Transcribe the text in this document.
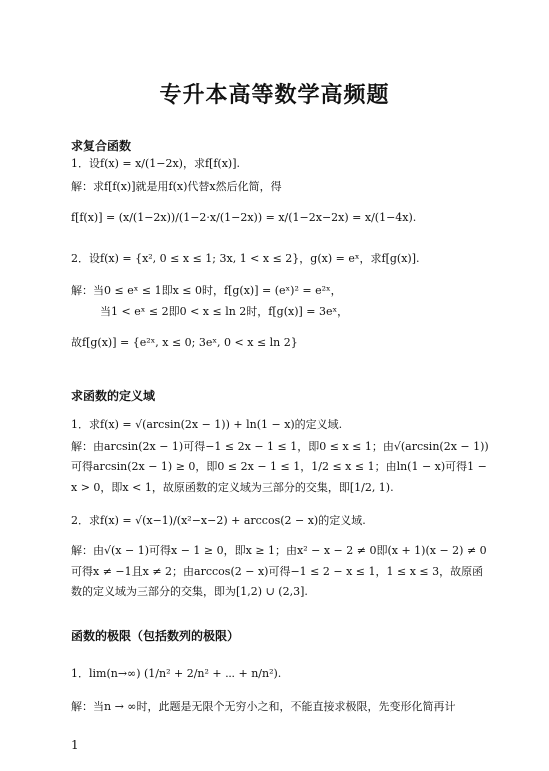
专升本高等数学高频题
求复合函数
1．设f(x) = x/(1−2x)，求f[f(x)].
解：求f[f(x)]就是用f(x)代替x然后化简，得
f[f(x)] = (x/(1−2x))/(1−2·x/(1−2x)) = x/(1−2x−2x) = x/(1−4x).
2．设f(x) = {x², 0 ≤ x ≤ 1; 3x, 1 < x ≤ 2}，g(x) = eˣ，求f[g(x)].
解：当0 ≤ eˣ ≤ 1即x ≤ 0时，f[g(x)] = (eˣ)² = e²ˣ，
当1 < eˣ ≤ 2即0 < x ≤ ln 2时，f[g(x)] = 3eˣ，
故f[g(x)] = {e²ˣ, x ≤ 0; 3eˣ, 0 < x ≤ ln 2}
求函数的定义域
1．求f(x) = √(arcsin(2x − 1)) + ln(1 − x)的定义域.
解：由arcsin(2x − 1)可得−1 ≤ 2x − 1 ≤ 1，即0 ≤ x ≤ 1；由√(arcsin(2x − 1))
可得arcsin(2x − 1) ≥ 0，即0 ≤ 2x − 1 ≤ 1，1/2 ≤ x ≤ 1；由ln(1 − x)可得1 −
x > 0，即x < 1，故原函数的定义域为三部分的交集，即[1/2, 1).
2．求f(x) = √(x−1)/(x²−x−2) + arccos(2 − x)的定义域.
解：由√(x − 1)可得x − 1 ≥ 0，即x ≥ 1；由x² − x − 2 ≠ 0即(x + 1)(x − 2) ≠ 0
可得x ≠ −1且x ≠ 2；由arccos(2 − x)可得−1 ≤ 2 − x ≤ 1，1 ≤ x ≤ 3，故原函
数的定义域为三部分的交集，即为[1,2) ∪ (2,3].
函数的极限（包括数列的极限）
1．lim(n→∞) (1/n² + 2/n² + ⋯ + n/n²).
解：当n → ∞时，此题是无限个无穷小之和，不能直接求极限，先变形化简再计
1
